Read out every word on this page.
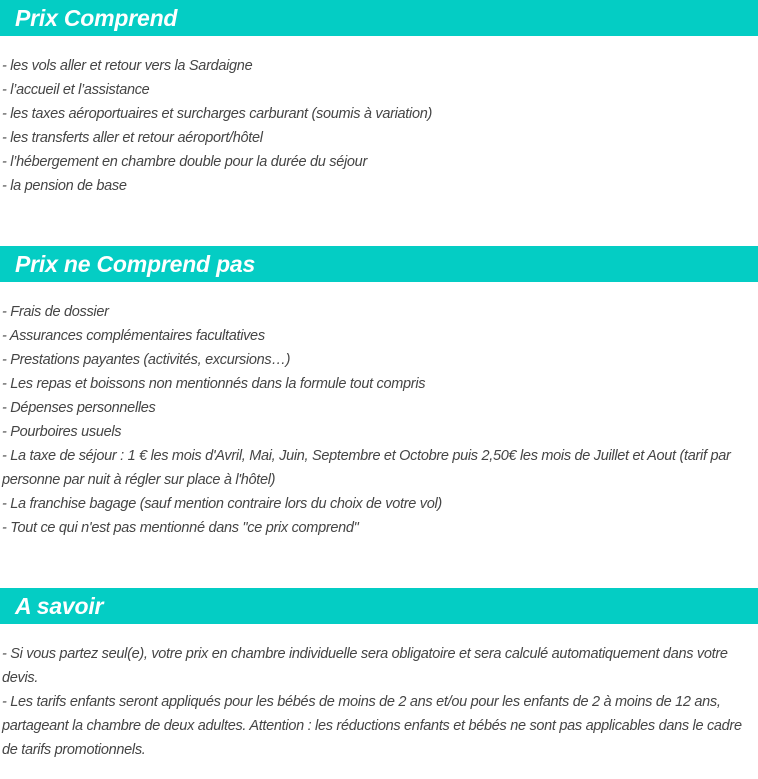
Prix Comprend

- les vols aller et retour vers la Sardaigne

- l’accueil et l’assistance

- les taxes aéroportuaires et surcharges carburant (soumis à variation)

- les transferts aller et retour aéroport/hôtel

- l’hébergement en chambre double pour la durée du séjour

- la pension de base

Prix ne Comprend pas

- Frais de dossier

- Assurances complémentaires facultatives

- Prestations payantes (activités, excursions…)

- Les repas et boissons non mentionnés dans la formule tout compris

- Dépenses personnelles

- Pourboires usuels

- La taxe de séjour : 1 € les mois d'Avril, Mai, Juin, Septembre et Octobre puis 2,50€ les mois de Juillet et Aout (tarif par personne par nuit à régler sur place à l'hôtel)

- La franchise bagage (sauf mention contraire lors du choix de votre vol)

- Tout ce qui n'est pas mentionné dans "ce prix comprend"

A savoir

- Si vous partez seul(e), votre prix en chambre individuelle sera obligatoire et sera calculé automatiquement dans votre devis.

- Les tarifs enfants seront appliqués pour les bébés de moins de 2 ans et/ou pour les enfants de 2 à moins de 12 ans, partageant la chambre de deux adultes. Attention : les réductions enfants et bébés ne sont pas applicables dans le cadre de tarifs promotionnels.
